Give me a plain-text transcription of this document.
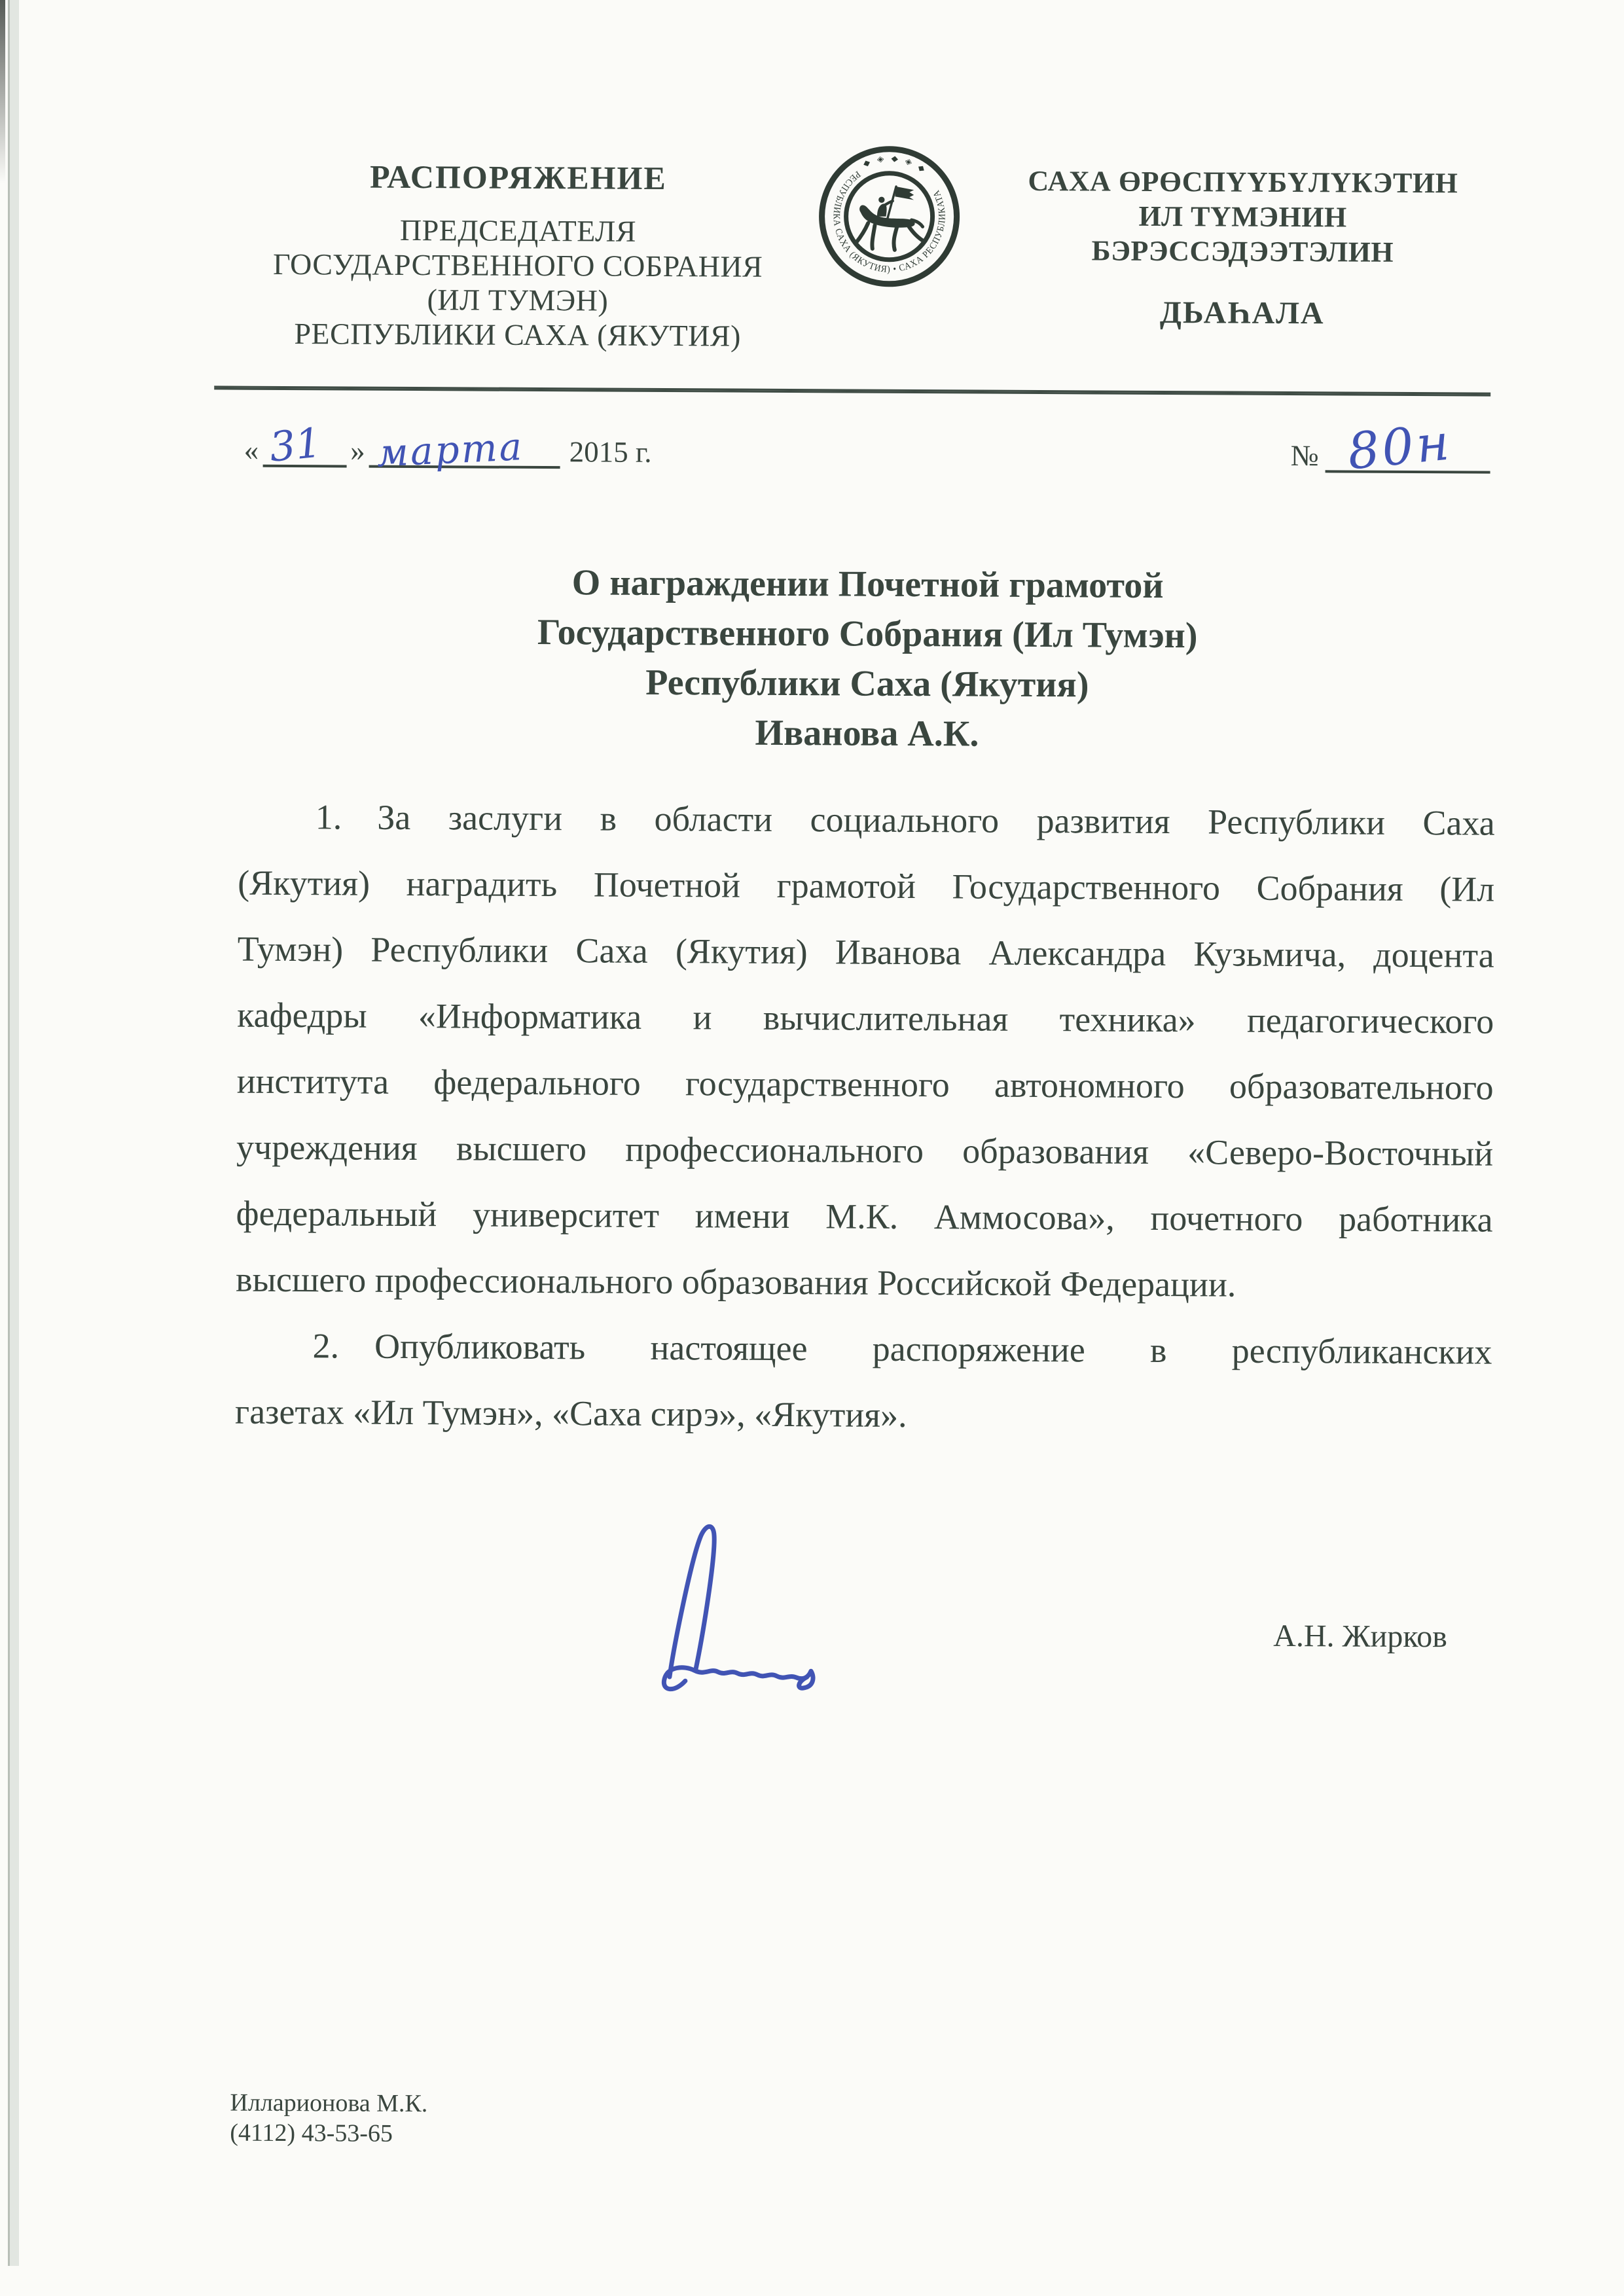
РАСПОРЯЖЕНИЕ
ПРЕДСЕДАТЕЛЯ
ГОСУДАРСТВЕННОГО СОБРАНИЯ
(ИЛ ТУМЭН)
РЕСПУБЛИКИ САХА (ЯКУТИЯ)
РЕСПУБЛИКА САХА (ЯКУТИЯ) • САХА РЕСПУБЛИКАТА
◆ ◈ ◆ ◈ ◆ ◈ ◆
САХА ӨРӨСПҮҮБҮЛҮКЭТИН
ИЛ ТҮМЭНИН
БЭРЭССЭДЭЭТЭЛИН
ДЬАҺАЛА
« 31 » марта	2015 г.	№ 80н
О награждении Почетной грамотой
Государственного Собрания (Ил Тумэн)
Республики Саха (Якутия)
Иванова А.К.
1. За заслуги в области социального развития Республики Саха
(Якутия) наградить Почетной грамотой Государственного Собрания (Ил
Тумэн) Республики Саха (Якутия) Иванова Александра Кузьмича, доцента
кафедры «Информатика и вычислительная техника» педагогического
института федерального государственного автономного образовательного
учреждения высшего профессионального образования «Северо-Восточный
федеральный университет имени М.К. Аммосова», почетного работника
высшего профессионального образования Российской Федерации.
2. Опубликовать настоящее распоряжение в республиканских
газетах «Ил Тумэн», «Саха сирэ», «Якутия».
А.Н. Жирков
Илларионова М.К.
(4112) 43-53-65
